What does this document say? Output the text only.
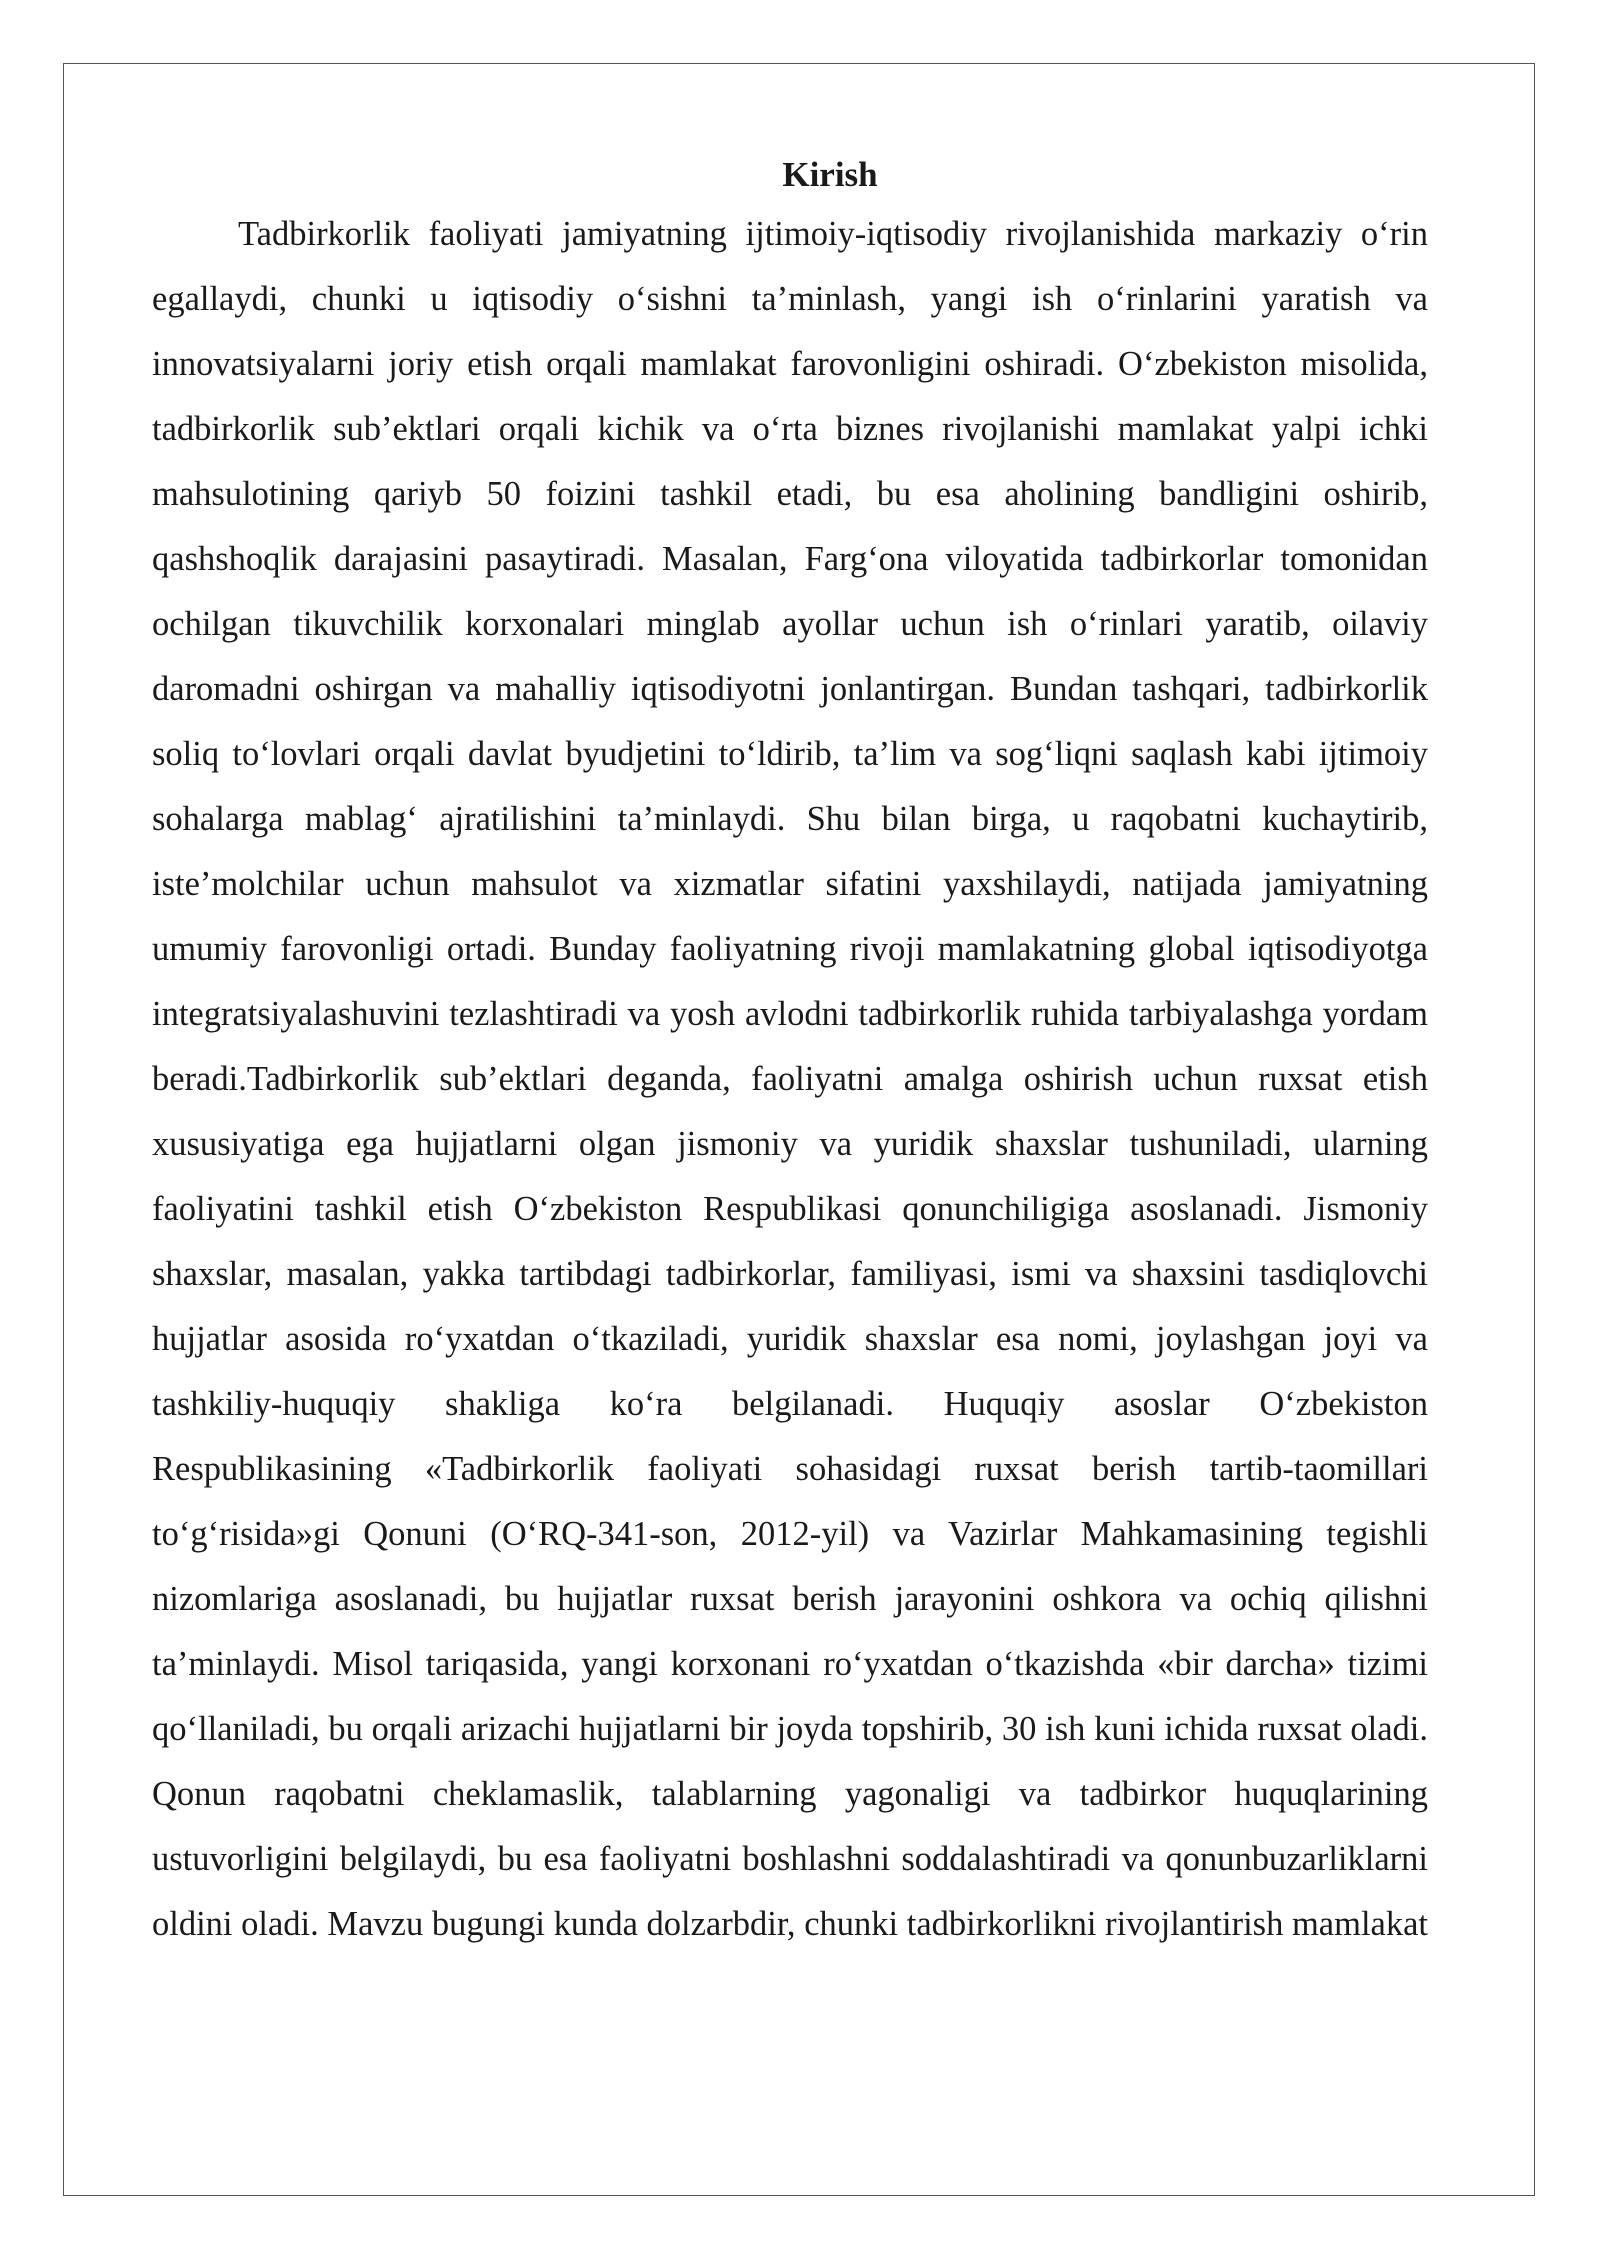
Kirish

Tadbirkorlik faoliyati jamiyatning ijtimoiy-iqtisodiy rivojlanishida markaziy o‘rin egallaydi, chunki u iqtisodiy o‘sishni ta’minlash, yangi ish o‘rinlarini yaratish va innovatsiyalarni joriy etish orqali mamlakat farovonligini oshiradi. O‘zbekiston misolida, tadbirkorlik sub’ektlari orqali kichik va o‘rta biznes rivojlanishi mamlakat yalpi ichki mahsulotining qariyb 50 foizini tashkil etadi, bu esa aholining bandligini oshirib, qashshoqlik darajasini pasaytiradi. Masalan, Farg‘ona viloyatida tadbirkorlar tomonidan ochilgan tikuvchilik korxonalari minglab ayollar uchun ish o‘rinlari yaratib, oilaviy daromadni oshirgan va mahalliy iqtisodiyotni jonlantirgan. Bundan tashqari, tadbirkorlik soliq to‘lovlari orqali davlat byudjetini to‘ldirib, ta’lim va sog‘liqni saqlash kabi ijtimoiy sohalarga mablag‘ ajratilishini ta’minlaydi. Shu bilan birga, u raqobatni kuchaytirib, iste’molchilar uchun mahsulot va xizmatlar sifatini yaxshilaydi, natijada jamiyatning umumiy farovonligi ortadi. Bunday faoliyatning rivoji mamlakatning global iqtisodiyotga integratsiyalashuvini tezlashtiradi va yosh avlodni tadbirkorlik ruhida tarbiyalashga yordam beradi.Tadbirkorlik sub’ektlari deganda, faoliyatni amalga oshirish uchun ruxsat etish xususiyatiga ega hujjatlarni olgan jismoniy va yuridik shaxslar tushuniladi, ularning faoliyatini tashkil etish O‘zbekiston Respublikasi qonunchiligiga asoslanadi. Jismoniy shaxslar, masalan, yakka tartibdagi tadbirkorlar, familiyasi, ismi va shaxsini tasdiqlovchi hujjatlar asosida ro‘yxatdan o‘tkaziladi, yuridik shaxslar esa nomi, joylashgan joyi va tashkiliy-huquqiy shakliga ko‘ra belgilanadi. Huquqiy asoslar O‘zbekiston Respublikasining «Tadbirkorlik faoliyati sohasidagi ruxsat berish tartib-taomillari to‘g‘risida»gi Qonuni (O‘RQ-341-son, 2012-yil) va Vazirlar Mahkamasining tegishli nizomlariga asoslanadi, bu hujjatlar ruxsat berish jarayonini oshkora va ochiq qilishni ta’minlaydi. Misol tariqasida, yangi korxonani ro‘yxatdan o‘tkazishda «bir darcha» tizimi qo‘llaniladi, bu orqali arizachi hujjatlarni bir joyda topshirib, 30 ish kuni ichida ruxsat oladi. Qonun raqobatni cheklamaslik, talablarning yagonaligi va tadbirkor huquqlarining ustuvorligini belgilaydi, bu esa faoliyatni boshlashni soddalashtiradi va qonunbuzarliklarni oldini oladi. Mavzu bugungi kunda dolzarbdir, chunki tadbirkorlikni rivojlantirish mamlakat
